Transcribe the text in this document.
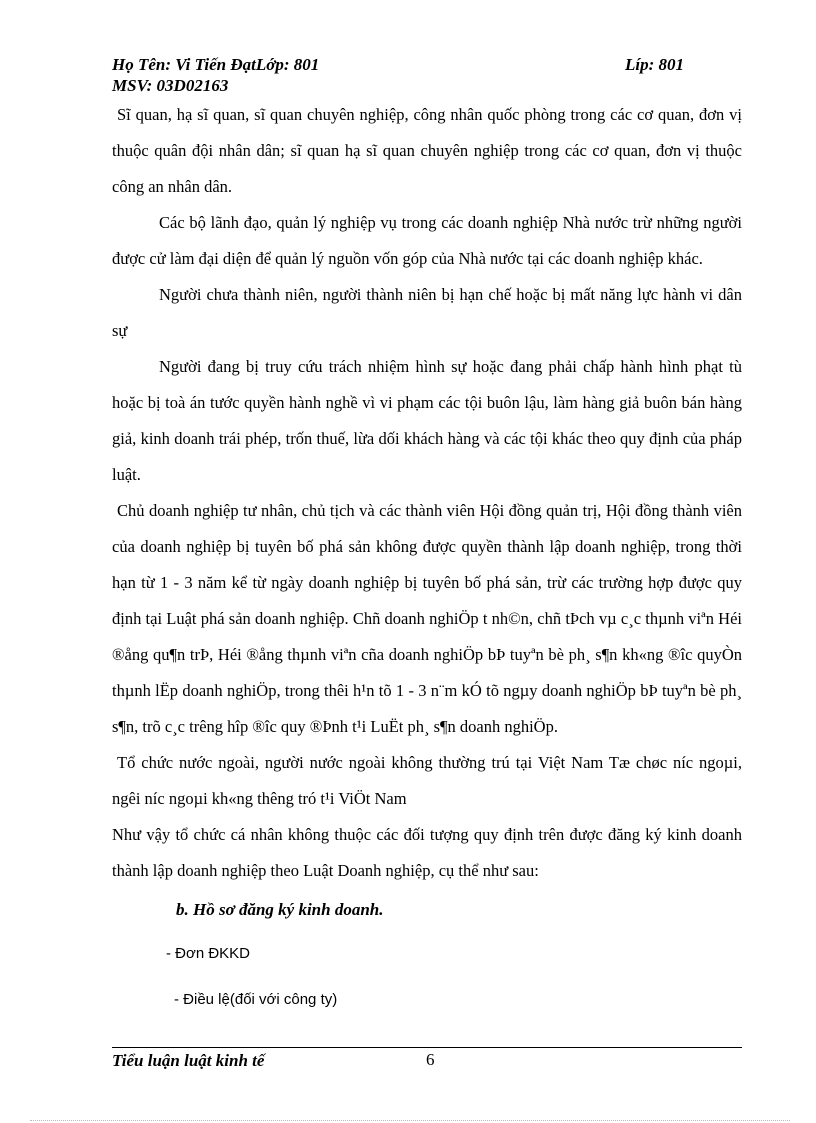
Họ Tên: Vi Tiến ĐạtLớp: 801	Líp: 801
MSV: 03D02163

Sĩ quan, hạ sĩ quan, sĩ quan chuyên nghiệp, công nhân quốc phòng trong các cơ quan, đơn vị thuộc quân đội nhân dân; sĩ quan hạ sĩ quan chuyên nghiệp trong các cơ quan, đơn vị thuộc công an nhân dân.

Các bộ lãnh đạo, quản lý nghiệp vụ trong các doanh nghiệp Nhà nước trừ những người được cử làm đại diện để quản lý nguồn vốn góp của Nhà nước tại các doanh nghiệp khác.

Người chưa thành niên, người thành niên bị hạn chế hoặc bị mất năng lực hành vi dân sự

Người đang bị truy cứu trách nhiệm hình sự hoặc đang phải chấp hành hình phạt tù hoặc bị toà án tước quyền hành nghề vì vi phạm các tội buôn lậu, làm hàng giả buôn bán hàng giả, kinh doanh trái phép, trốn thuế, lừa dối khách hàng và các tội khác theo quy định của pháp luật.

Chủ doanh nghiệp tư nhân, chủ tịch và các thành viên Hội đồng quản trị, Hội đồng thành viên của doanh nghiệp bị tuyên bố phá sản không được quyền thành lập doanh nghiệp, trong thời hạn từ 1 - 3 năm kể từ ngày doanh nghiệp bị tuyên bố phá sản, trừ các trường hợp được quy định tại Luật phá sản doanh nghiệp. Chñ doanh nghiÖp t nh©n, chñ tÞch vµ c¸c thµnh viªn Héi ®ång qu¶n trÞ, Héi ®ång thµnh viªn cña doanh nghiÖp bÞ tuyªn bè ph¸ s¶n kh«ng ®îc quyÒn thµnh lËp doanh nghiÖp, trong thêi h¹n tõ 1 - 3 n¨m kÓ tõ ngµy doanh nghiÖp bÞ tuyªn bè ph¸ s¶n, trõ c¸c trêng hîp ®îc quy ®Þnh t¹i LuËt ph¸ s¶n doanh nghiÖp.

Tổ chức nước ngoài, người nước ngoài không thường trú tại Việt Nam Tæ chøc níc ngoµi, ngêi níc ngoµi kh«ng thêng tró t¹i ViÖt Nam

Như vậy tổ chức cá nhân không thuộc các đối tượng quy định trên được đăng ký kinh doanh thành lập doanh nghiệp theo Luật Doanh nghiệp, cụ thể như sau:

b. Hồ sơ đăng ký kinh doanh.

- Đơn ĐKKD

- Điều lệ(đối với công ty)

Tiểu luận luật kinh tế	6
